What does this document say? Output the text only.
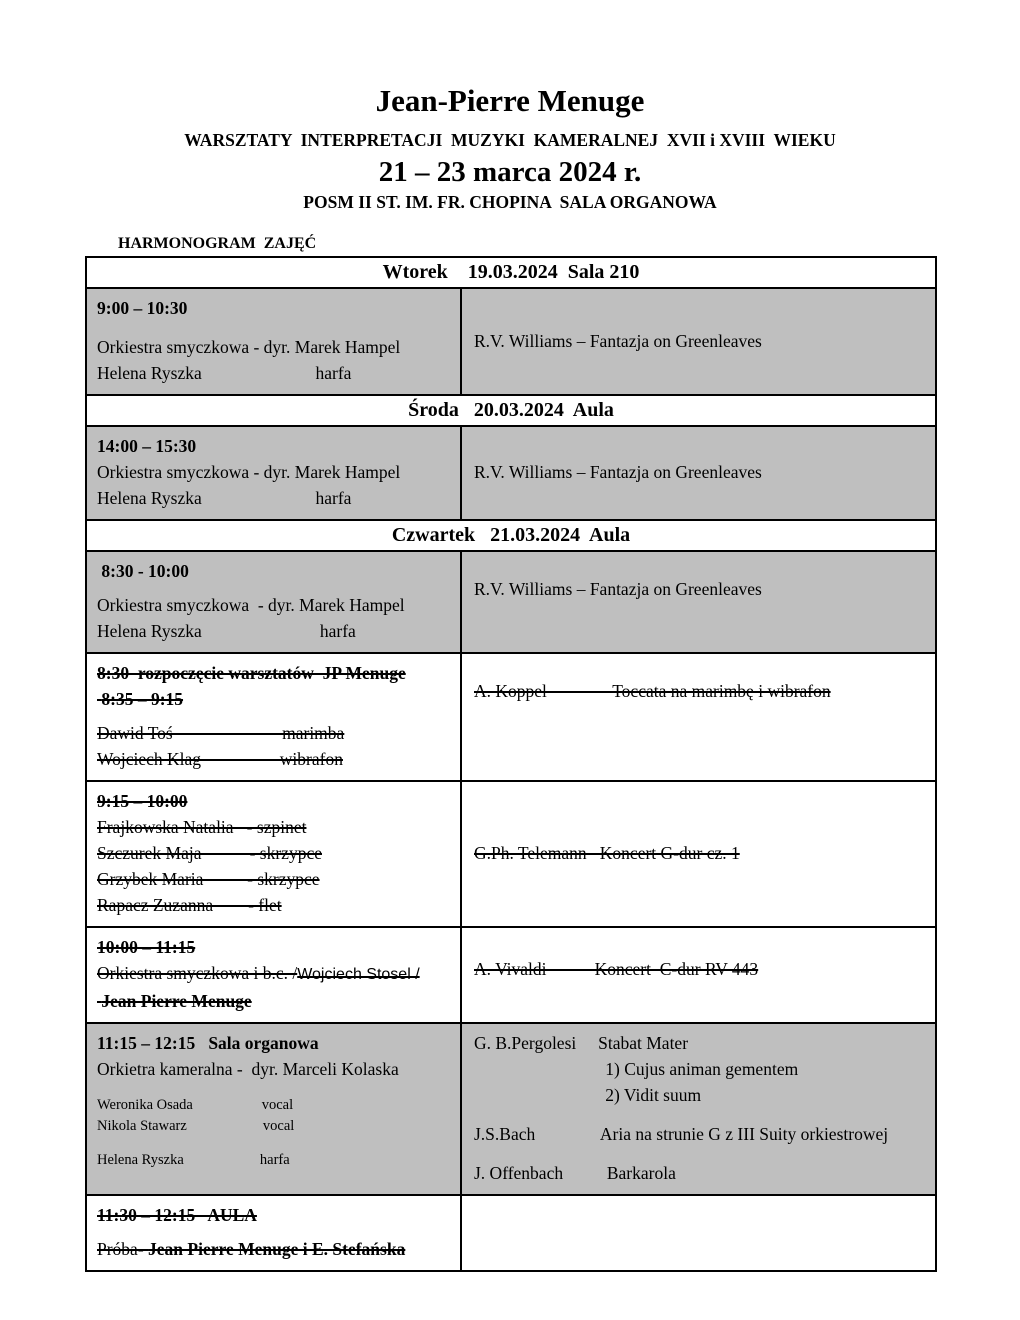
Jean-Pierre Menuge
WARSZTATY  INTERPRETACJI  MUZYKI  KAMERALNEJ  XVII i XVIII  WIEKU
21 – 23 marca 2024 r.
POSM II ST. IM. FR. CHOPINA  SALA ORGANOWA
HARMONOGRAM  ZAJĘĆ
Wtorek    19.03.2024  Sala 210
9:00 – 10:30

Orkiestra smyczkowa - dyr. Marek Hampel
Helena Ryszka                          harfa
R.V. Williams – Fantazja on Greenleaves
Środa   20.03.2024  Aula
14:00 – 15:30
Orkiestra smyczkowa - dyr. Marek Hampel
Helena Ryszka                          harfa
R.V. Williams – Fantazja on Greenleaves
Czwartek   21.03.2024  Aula
8:30 - 10:00

Orkiestra smyczkowa  - dyr. Marek Hampel
Helena Ryszka                           harfa
R.V. Williams – Fantazja on Greenleaves
8:30  rozpoczęcie warsztatów  JP Menuge
8:35 – 9:15

Dawid Toś                         marimba
Wojciech Klag                  wibrafon
A. Koppel               Toccata na marimbę i wibrafon
9:15 – 10:00
Frajkowska Natalia   - szpinet
Szczurek Maja           - skrzypce
Grzybek Maria          - skrzypce
Rapacz Zuzanna        - flet
G.Ph. Telemann   Koncert G-dur cz. 1
10:00 – 11:15
Orkiestra smyczkowa i b.c. /Wojciech Stosel /
Jean Pierre Menuge
A. Vivaldi           Koncert  C-dur RV 443
11:15 – 12:15   Sala organowa
Orkietra kameralna -  dyr. Marceli Kolaska

Weronika Osada                   vocal
Nikola Stawarz                     vocal

Helena Ryszka                     harfa
G. B.Pergolesi     Stabat Mater
1) Cujus animan gementem
2) Vidit suum

J.S.Bach               Aria na strunie G z III Suity orkiestrowej

J. Offenbach          Barkarola
11:30 – 12:15   AULA

Próba- Jean Pierre Menuge i E. Stefańska
